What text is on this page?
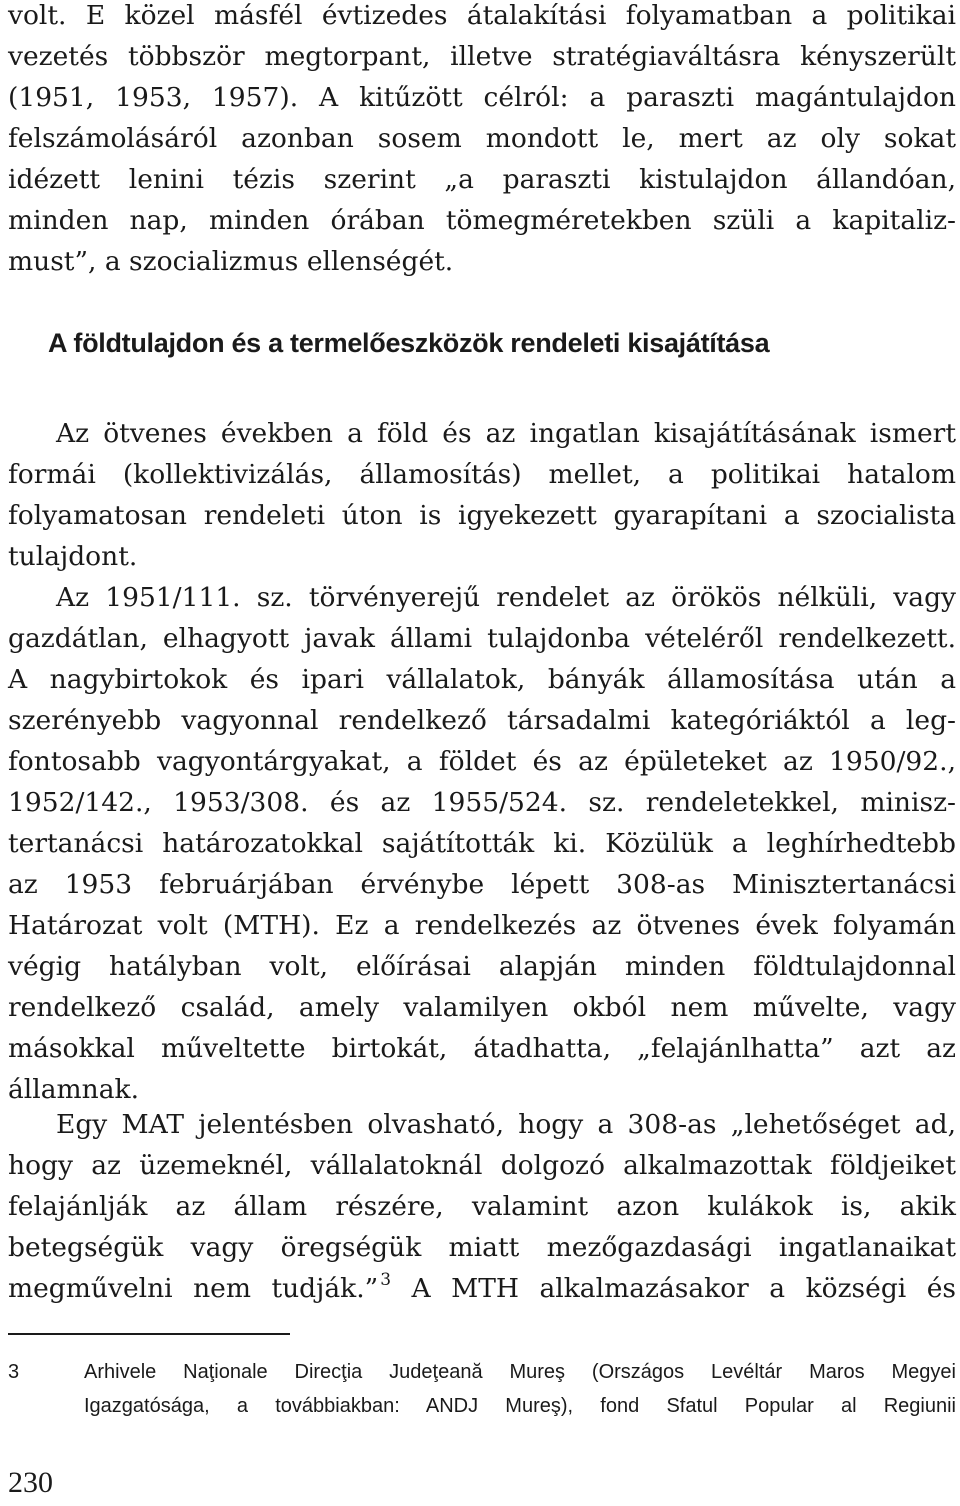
volt. E közel másfél évtizedes átalakítási folyamatban a politikai
vezetés többször megtorpant, illetve stratégiaváltásra kényszerült
(1951, 1953, 1957). A kitűzött célról: a paraszti magántulajdon
felszámolásáról azonban sosem mondott le, mert az oly sokat
idézett lenini tézis szerint „a paraszti kistulajdon állandóan,
minden nap, minden órában tömegméretekben szüli a kapitaliz-
must”, a szocializmus ellenségét.
A földtulajdon és a termelőeszközök rendeleti kisajátítása
Az ötvenes években a föld és az ingatlan kisajátításának ismert
formái (kollektivizálás, államosítás) mellet, a politikai hatalom
folyamatosan rendeleti úton is igyekezett gyarapítani a szocialista
tulajdont.
Az 1951/111. sz. törvényerejű rendelet az örökös nélküli, vagy
gazdátlan, elhagyott javak állami tulajdonba vételéről rendelkezett.
A nagybirtokok és ipari vállalatok, bányák államosítása után a
szerényebb vagyonnal rendelkező társadalmi kategóriáktól a leg-
fontosabb vagyontárgyakat, a földet és az épületeket az 1950/92.,
1952/142., 1953/308. és az 1955/524. sz. rendeletekkel, minisz-
tertanácsi határozatokkal sajátították ki. Közülük a leghírhedtebb
az 1953 februárjában érvénybe lépett 308-as Minisztertanácsi
Határozat volt (MTH). Ez a rendelkezés az ötvenes évek folyamán
végig hatályban volt, előírásai alapján minden földtulajdonnal
rendelkező család, amely valamilyen okból nem művelte, vagy
másokkal műveltette birtokát, átadhatta, „felajánlhatta” azt az
államnak.
Egy MAT jelentésben olvasható, hogy a 308-as „lehetőséget ad,
hogy az üzemeknél, vállalatoknál dolgozó alkalmazottak földjeiket
felajánlják az állam részére, valamint azon kulákok is, akik
betegségük vagy öregségük miatt mezőgazdasági ingatlanaikat
megművelni nem tudják.” $^3$ A MTH alkalmazásakor a községi és
3	Arhivele Naţionale Direcţia Judeţeană Mureş (Országos Levéltár Maros Megyei
Igazgatósága, a továbbiakban: ANDJ Mureş), fond Sfatul Popular al Regiunii
230
